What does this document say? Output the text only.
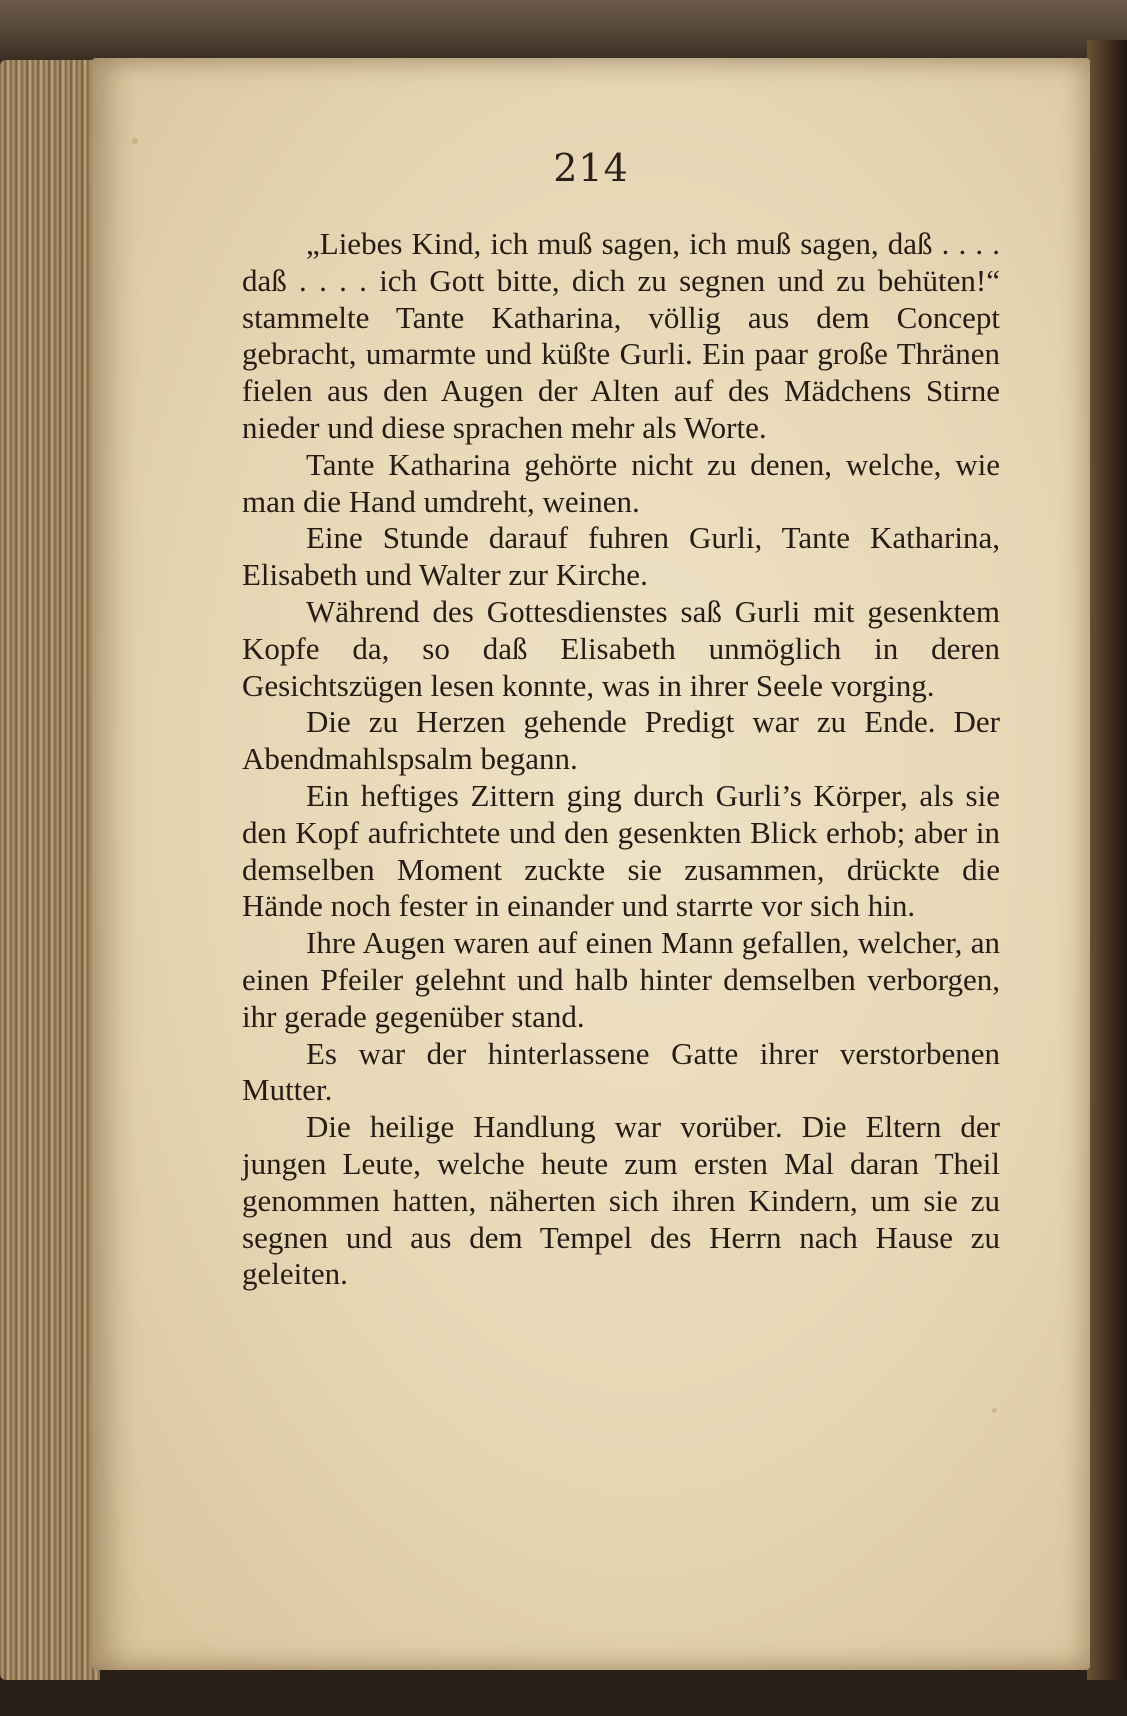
214

„Liebes Kind, ich muß sagen, ich muß sagen, daß . . . . daß . . . . ich Gott bitte, dich zu segnen und zu behüten!“ stammelte Tante Katharina, völlig aus dem Concept gebracht, umarmte und küßte Gurli. Ein paar große Thränen fielen aus den Augen der Alten auf des Mädchens Stirne nieder und diese sprachen mehr als Worte.

Tante Katharina gehörte nicht zu denen, welche, wie man die Hand umdreht, weinen.

Eine Stunde darauf fuhren Gurli, Tante Katharina, Elisabeth und Walter zur Kirche.

Während des Gottesdienstes saß Gurli mit gesenktem Kopfe da, so daß Elisabeth unmöglich in deren Gesichtszügen lesen konnte, was in ihrer Seele vorging.

Die zu Herzen gehende Predigt war zu Ende. Der Abendmahlspsalm begann.

Ein heftiges Zittern ging durch Gurli’s Körper, als sie den Kopf aufrichtete und den gesenkten Blick erhob; aber in demselben Moment zuckte sie zusammen, drückte die Hände noch fester in einander und starrte vor sich hin.

Ihre Augen waren auf einen Mann gefallen, welcher, an einen Pfeiler gelehnt und halb hinter demselben verborgen, ihr gerade gegenüber stand.

Es war der hinterlassene Gatte ihrer verstorbenen Mutter.

Die heilige Handlung war vorüber. Die Eltern der jungen Leute, welche heute zum ersten Mal daran Theil genommen hatten, näherten sich ihren Kindern, um sie zu segnen und aus dem Tempel des Herrn nach Hause zu geleiten.
